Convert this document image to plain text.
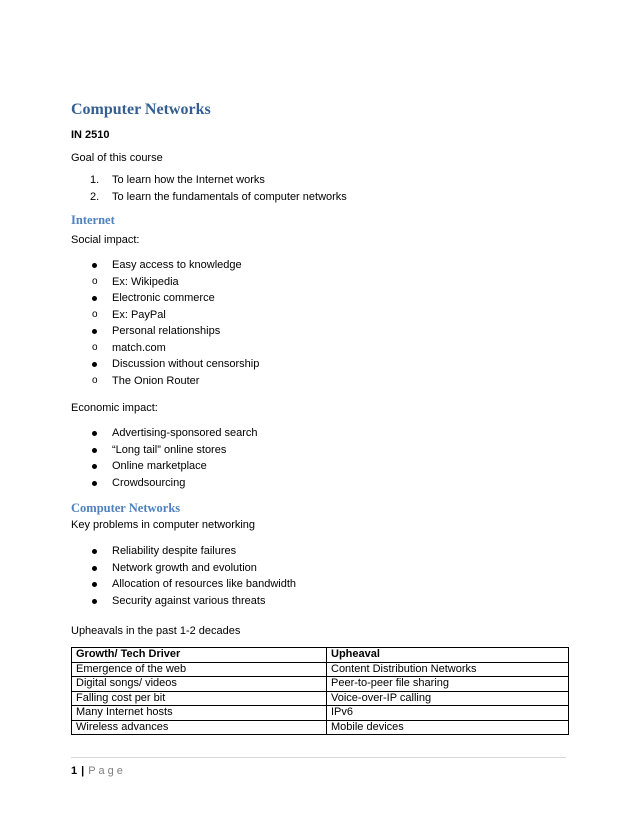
Computer Networks
IN 2510
Goal of this course
1.	To learn how the Internet works
2.	To learn the fundamentals of computer networks
Internet
Social impact:
Easy access to knowledge
o Ex: Wikipedia
Electronic commerce
o Ex: PayPal
Personal relationships
o match.com
Discussion without censorship
o The Onion Router
Economic impact:
Advertising-sponsored search
“Long tail” online stores
Online marketplace
Crowdsourcing
Computer Networks
Key problems in computer networking
Reliability despite failures
Network growth and evolution
Allocation of resources like bandwidth
Security against various threats
Upheavals in the past 1-2 decades
Growth/ Tech Driver	Upheaval
Emergence of the web	Content Distribution Networks
Digital songs/ videos	Peer-to-peer file sharing
Falling cost per bit	Voice-over-IP calling
Many Internet hosts	IPv6
Wireless advances	Mobile devices
1 | Page
